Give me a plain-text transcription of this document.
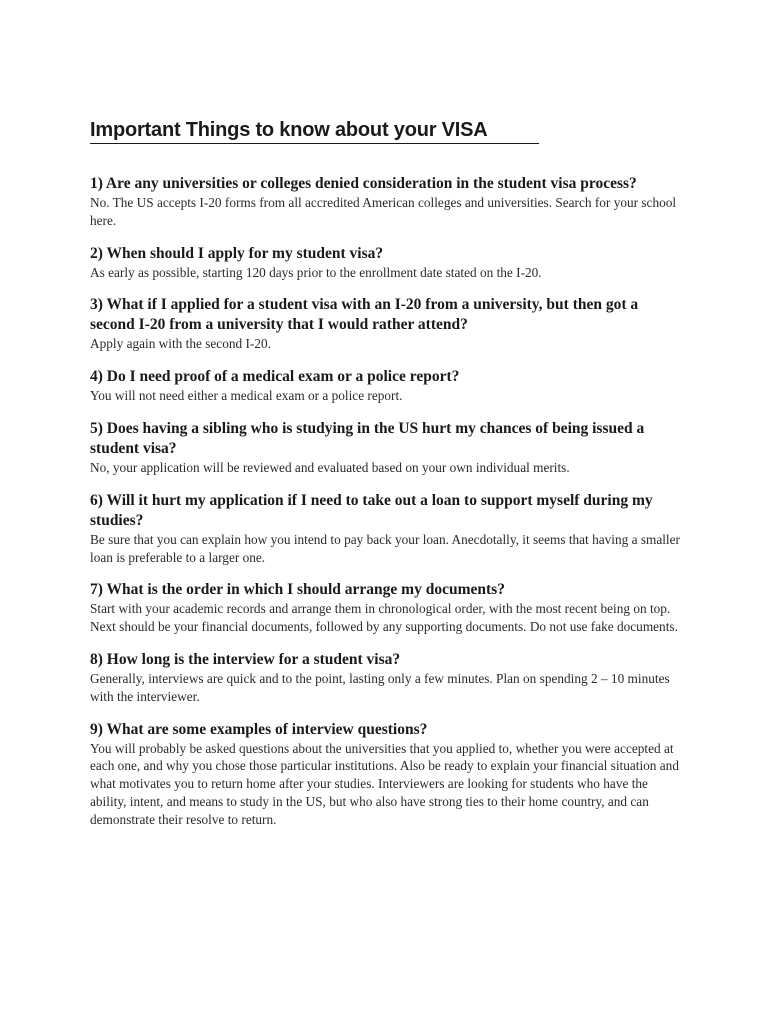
Important Things to know about your VISA

1) Are any universities or colleges denied consideration in the student visa process?

No. The US accepts I-20 forms from all accredited American colleges and universities. Search for your school here.

2) When should I apply for my student visa?

As early as possible, starting 120 days prior to the enrollment date stated on the I-20.

3) What if I applied for a student visa with an I-20 from a university, but then got a second I-20 from a university that I would rather attend?

Apply again with the second I-20.

4) Do I need proof of a medical exam or a police report?

You will not need either a medical exam or a police report.

5) Does having a sibling who is studying in the US hurt my chances of being issued a student visa?

No, your application will be reviewed and evaluated based on your own individual merits.

6) Will it hurt my application if I need to take out a loan to support myself during my studies?

Be sure that you can explain how you intend to pay back your loan. Anecdotally, it seems that having a smaller loan is preferable to a larger one.

7) What is the order in which I should arrange my documents?

Start with your academic records and arrange them in chronological order, with the most recent being on top. Next should be your financial documents, followed by any supporting documents. Do not use fake documents.

8) How long is the interview for a student visa?

Generally, interviews are quick and to the point, lasting only a few minutes. Plan on spending 2 – 10 minutes with the interviewer.

9) What are some examples of interview questions?

You will probably be asked questions about the universities that you applied to, whether you were accepted at each one, and why you chose those particular institutions. Also be ready to explain your financial situation and what motivates you to return home after your studies. Interviewers are looking for students who have the ability, intent, and means to study in the US, but who also have strong ties to their home country, and can demonstrate their resolve to return.
